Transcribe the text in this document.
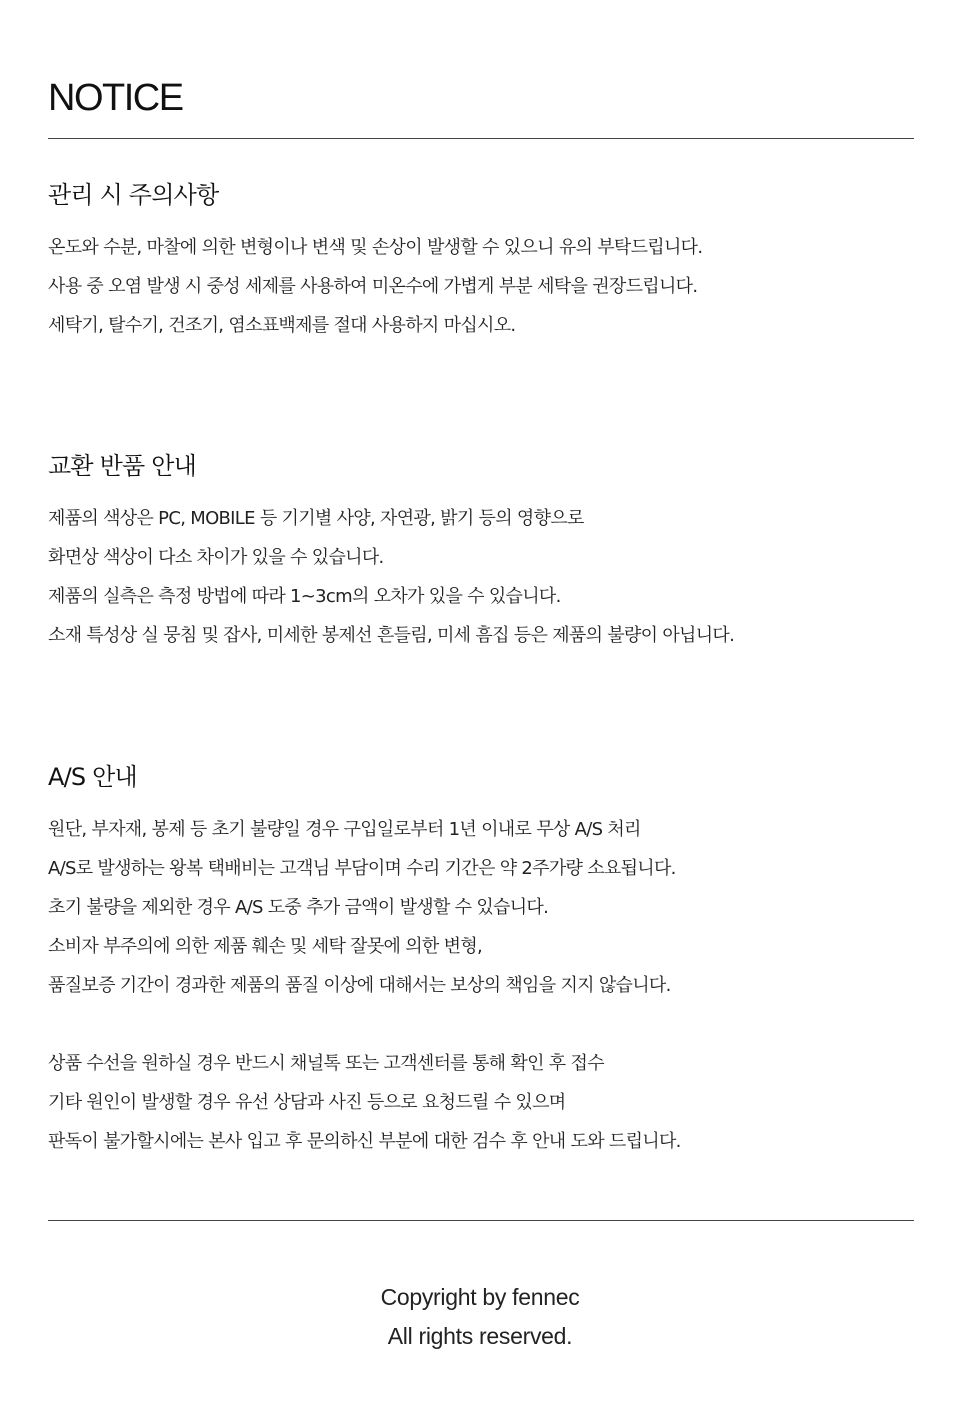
NOTICE
관리 시 주의사항
온도와 수분, 마찰에 의한 변형이나 변색 및 손상이 발생할 수 있으니 유의 부탁드립니다.
사용 중 오염 발생 시 중성 세제를 사용하여 미온수에 가볍게 부분 세탁을 권장드립니다.
세탁기, 탈수기, 건조기, 염소표백제를 절대 사용하지 마십시오.
교환 반품 안내
제품의 색상은 PC, MOBILE 등 기기별 사양, 자연광, 밝기 등의 영향으로
화면상 색상이 다소 차이가 있을 수 있습니다.
제품의 실측은 측정 방법에 따라 1~3cm의 오차가 있을 수 있습니다.
소재 특성상 실 뭉침 및 잡사, 미세한 봉제선 흔들림, 미세 흠집 등은 제품의 불량이 아닙니다.
A/S 안내
원단, 부자재, 봉제 등 초기 불량일 경우 구입일로부터 1년 이내로 무상 A/S 처리
A/S로 발생하는 왕복 택배비는 고객님 부담이며 수리 기간은 약 2주가량 소요됩니다.
초기 불량을 제외한 경우 A/S 도중 추가 금액이 발생할 수 있습니다.
소비자 부주의에 의한 제품 훼손 및 세탁 잘못에 의한 변형,
품질보증 기간이 경과한 제품의 품질 이상에 대해서는 보상의 책임을 지지 않습니다.
상품 수선을 원하실 경우 반드시 채널톡 또는 고객센터를 통해 확인 후 접수
기타 원인이 발생할 경우 유선 상담과 사진 등으로 요청드릴 수 있으며
판독이 불가할시에는 본사 입고 후 문의하신 부분에 대한 검수 후 안내 도와 드립니다.

Copyright by fennec

All rights reserved.
